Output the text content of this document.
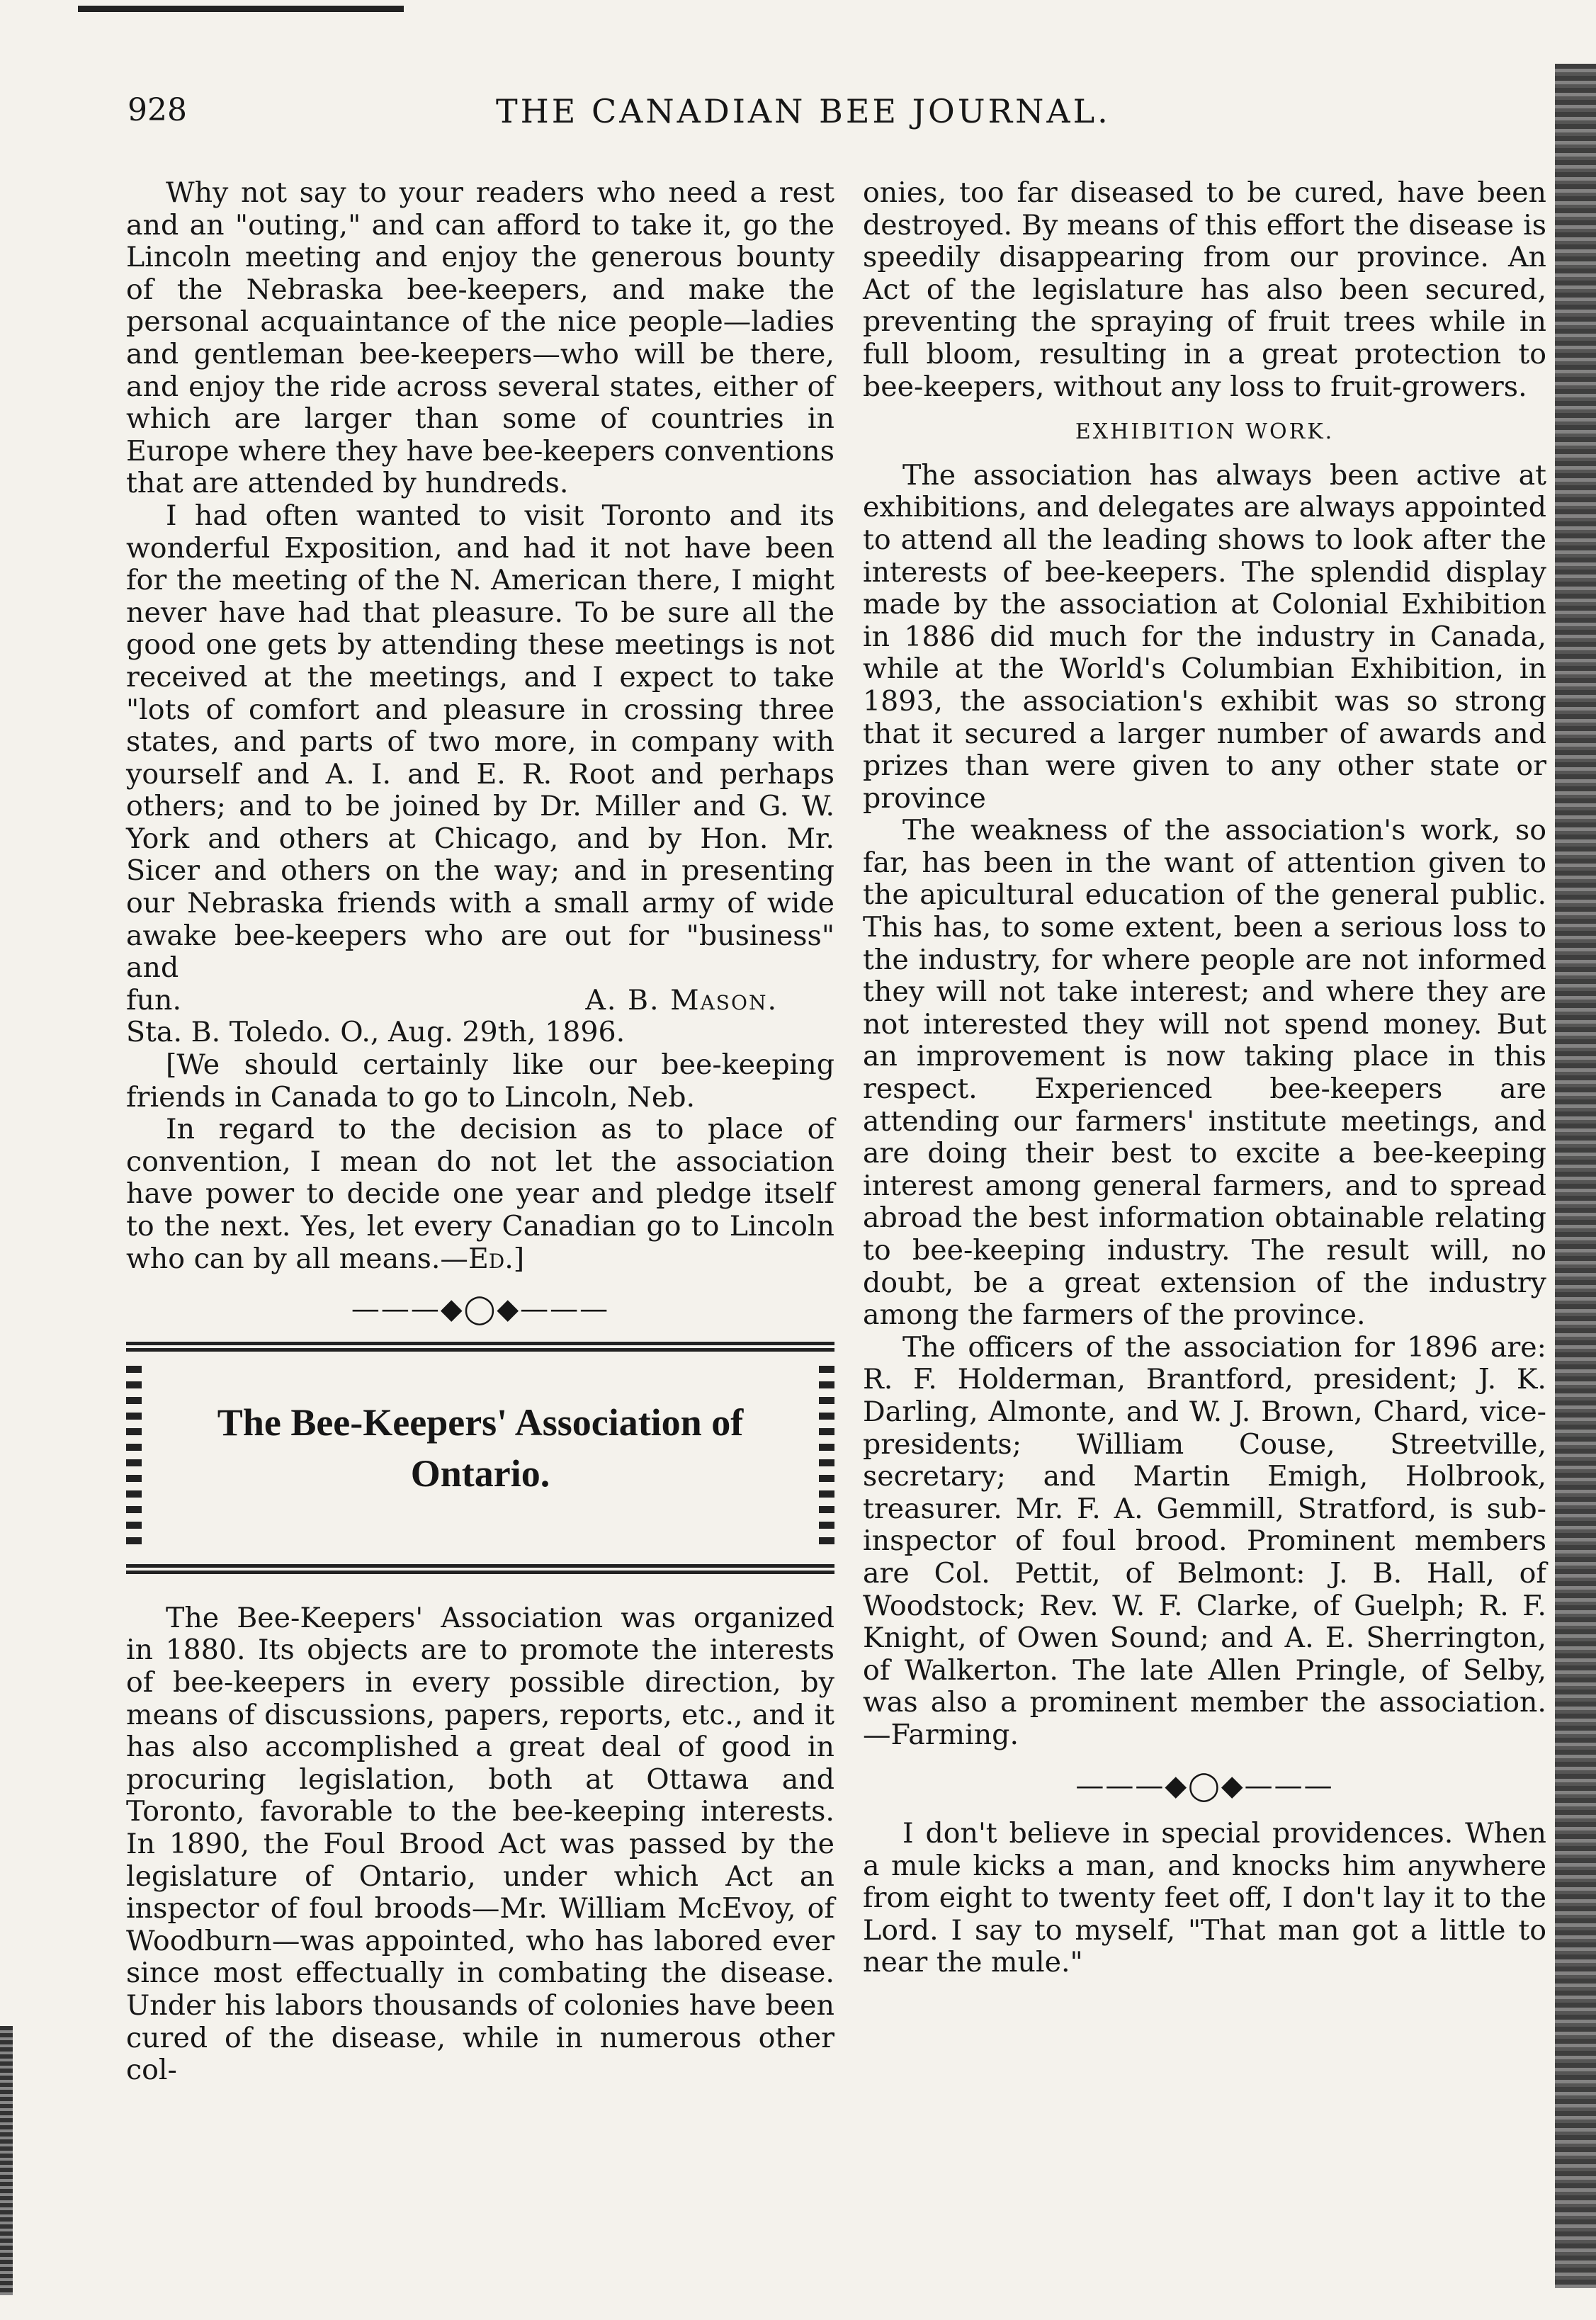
928	THE CANADIAN BEE JOURNAL.

Why not say to your readers who need a rest and an "outing," and can afford to take it, go the Lincoln meeting and enjoy the generous bounty of the Nebraska bee-keepers, and make the personal acquaintance of the nice people—ladies and gentleman bee-keepers—who will be there, and enjoy the ride across several states, either of which are larger than some of countries in Europe where they have bee-keepers conventions that are attended by hundreds.

I had often wanted to visit Toronto and its wonderful Exposition, and had it not have been for the meeting of the N. American there, I might never have had that pleasure. To be sure all the good one gets by attending these meetings is not received at the meetings, and I expect to take "lots of comfort and pleasure in crossing three states, and parts of two more, in company with yourself and A. I. and E. R. Root and perhaps others; and to be joined by Dr. Miller and G. W. York and others at Chicago, and by Hon. Mr. Sicer and others on the way; and in presenting our Nebraska friends with a small army of wide awake bee-keepers who are out for "business" and

fun.	A. B. Mason.

Sta. B. Toledo. O., Aug. 29th, 1896.

[We should certainly like our bee-keeping friends in Canada to go to Lincoln, Neb.

In regard to the decision as to place of convention, I mean do not let the association have power to decide one year and pledge itself to the next. Yes, let every Canadian go to Lincoln who can by all means.—Ed.]

———◆◯◆———
The Bee-Keepers' Association of Ontario.

The Bee-Keepers' Association was organized in 1880. Its objects are to promote the interests of bee-keepers in every possible direction, by means of discussions, papers, reports, etc., and it has also accomplished a great deal of good in procuring legislation, both at Ottawa and Toronto, favorable to the bee-keeping interests. In 1890, the Foul Brood Act was passed by the legislature of Ontario, under which Act an inspector of foul broods—Mr. William McEvoy, of Woodburn—was appointed, who has labored ever since most effectually in combating the disease. Under his labors thousands of colonies have been cured of the disease, while in numerous other col-

onies, too far diseased to be cured, have been destroyed. By means of this effort the disease is speedily disappearing from our province. An Act of the legislature has also been secured, preventing the spraying of fruit trees while in full bloom, resulting in a great protection to bee-keepers, without any loss to fruit-growers.

EXHIBITION WORK.

The association has always been active at exhibitions, and delegates are always appointed to attend all the leading shows to look after the interests of bee-keepers. The splendid display made by the association at Colonial Exhibition in 1886 did much for the industry in Canada, while at the World's Columbian Exhibition, in 1893, the association's exhibit was so strong that it secured a larger number of awards and prizes than were given to any other state or province

The weakness of the association's work, so far, has been in the want of attention given to the apicultural education of the general public. This has, to some extent, been a serious loss to the industry, for where people are not informed they will not take interest; and where they are not interested they will not spend money. But an improvement is now taking place in this respect. Experienced bee-keepers are attending our farmers' institute meetings, and are doing their best to excite a bee-keeping interest among general farmers, and to spread abroad the best information obtainable relating to bee-keeping industry. The result will, no doubt, be a great extension of the industry among the farmers of the province.

The officers of the association for 1896 are: R. F. Holderman, Brantford, president; J. K. Darling, Almonte, and W. J. Brown, Chard, vice-presidents; William Couse, Streetville, secretary; and Martin Emigh, Holbrook, treasurer. Mr. F. A. Gemmill, Stratford, is sub-inspector of foul brood. Prominent members are Col. Pettit, of Belmont: J. B. Hall, of Woodstock; Rev. W. F. Clarke, of Guelph; R. F. Knight, of Owen Sound; and A. E. Sherrington, of Walkerton. The late Allen Pringle, of Selby, was also a prominent member the association.—Farming.

———◆◯◆———

I don't believe in special providences. When a mule kicks a man, and knocks him anywhere from eight to twenty feet off, I don't lay it to the Lord. I say to myself, "That man got a little to near the mule."
